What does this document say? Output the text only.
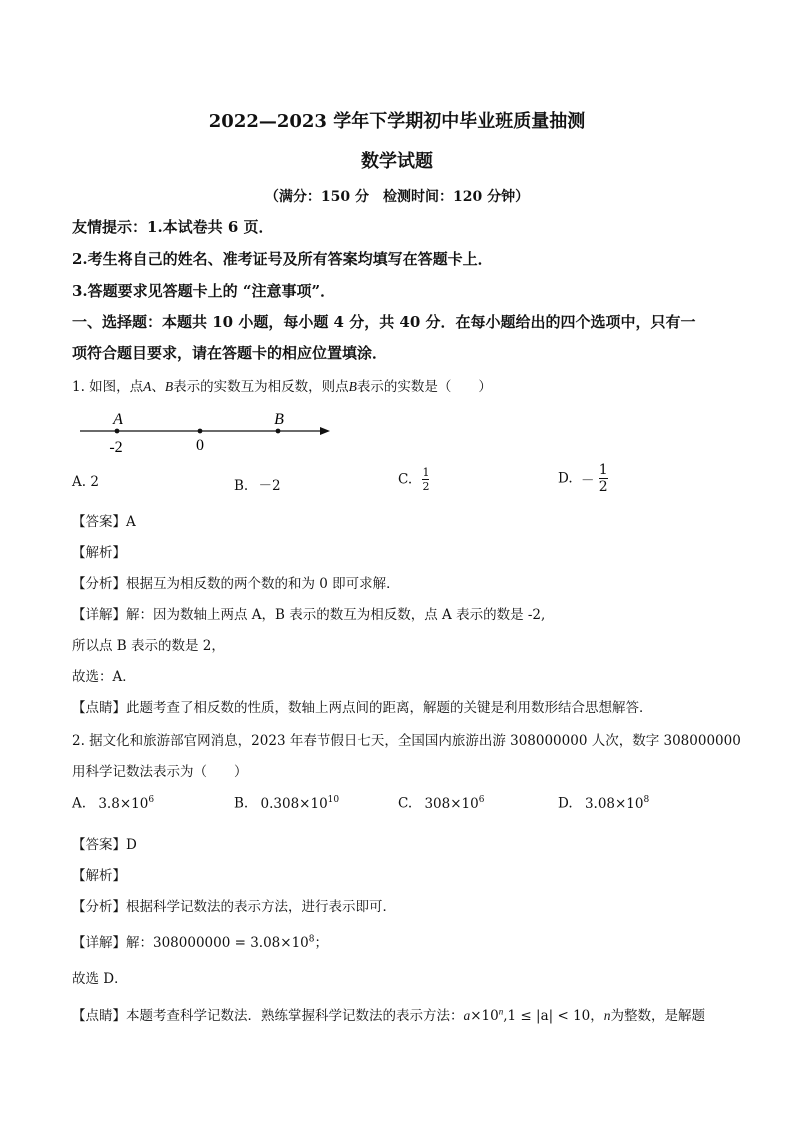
2022—2023 学年下学期初中毕业班质量抽测
数学试题
（满分：150 分　检测时间：120 分钟）
友情提示：1.本试卷共 6 页．
2.考生将自己的姓名、准考证号及所有答案均填写在答题卡上．
3.答题要求见答题卡上的 “注意事项”．
一、选择题：本题共 10 小题，每小题 4 分，共 40 分．在每小题给出的四个选项中，只有一
项符合题目要求，请在答题卡的相应位置填涂．
1. 如图，点A、B表示的实数互为相反数，则点B表示的实数是（　　）
A	B
-2	0
A. 2	B. －2	C. $\frac{1}{2}$	D. － $\frac{1}{2}$
【答案】A
【解析】
【分析】根据互为相反数的两个数的和为 0 即可求解．
【详解】解：因为数轴上两点 A，B 表示的数互为相反数，点 A 表示的数是 -2,
所以点 B 表示的数是 2，
故选：A．
【点睛】此题考查了相反数的性质，数轴上两点间的距离，解题的关键是利用数形结合思想解答．
2. 据文化和旅游部官网消息，2023 年春节假日七天，全国国内旅游出游 308000000 人次，数字 308000000
用科学记数法表示为（　　）
A. $3.8\times 10^6$	B. $0.308\times 10^{10}$	C. $308\times 10^6$	D. $3.08\times 10^8$
【答案】D
【解析】
【分析】根据科学记数法的表示方法，进行表示即可．
【详解】解：$308000000 = 3.08\times 10^8$；
故选 D．
【点睛】本题考查科学记数法．熟练掌握科学记数法的表示方法：$a\times 10^n,1 \le |a| < 10$，n为整数，是解题
